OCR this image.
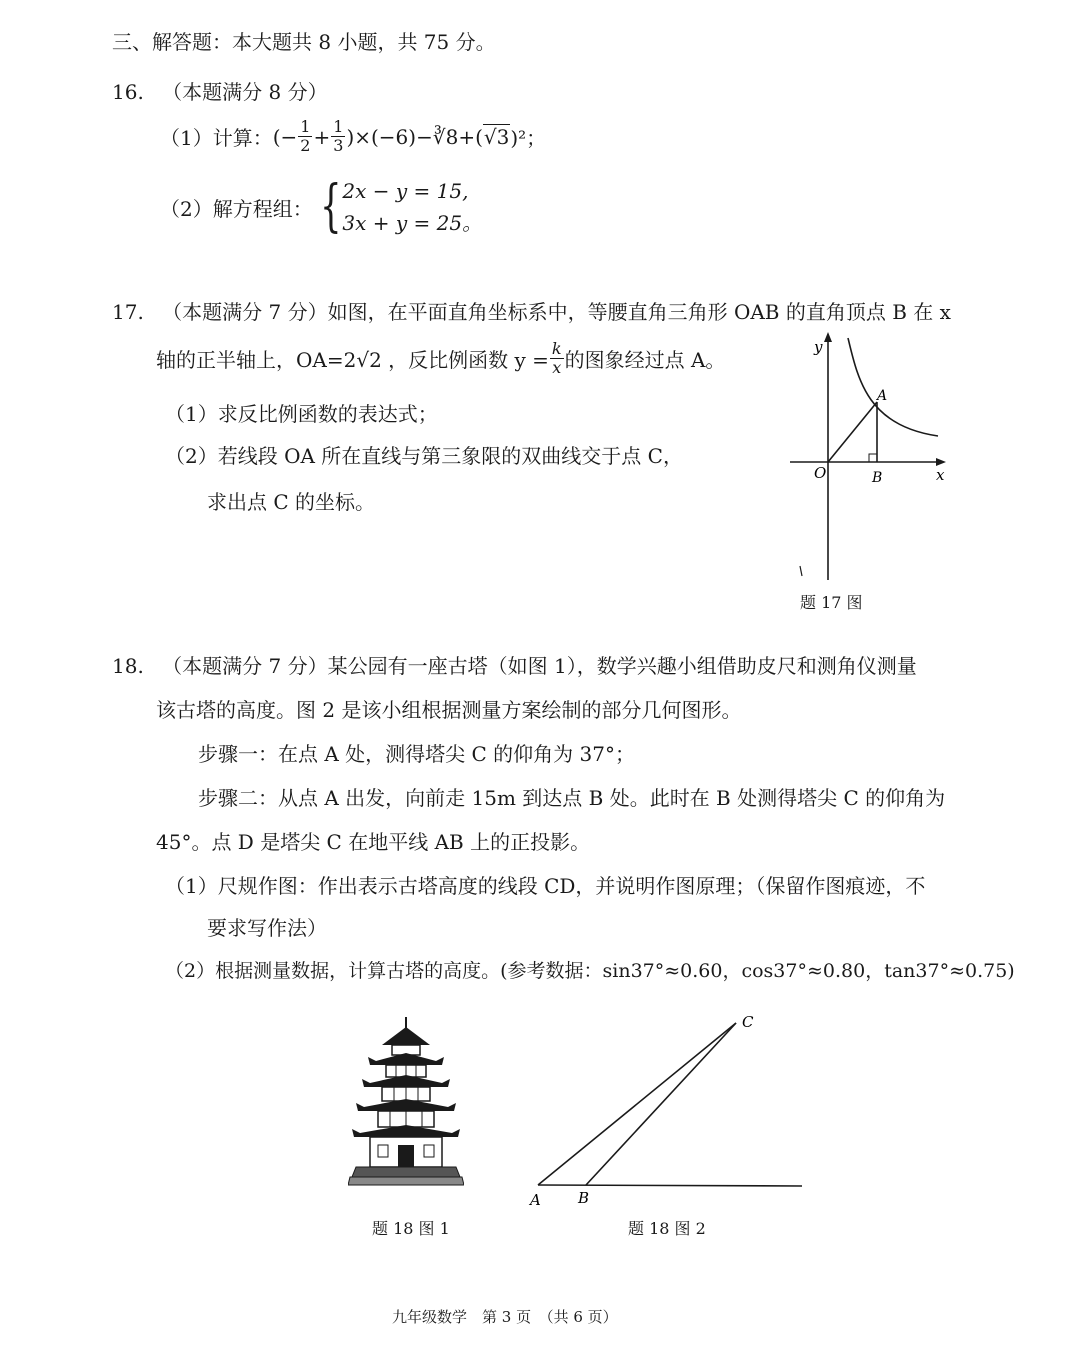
三、解答题：本大题共 8 小题，共 75 分。
16. （本题满分 8 分）
（1）计算： (− $\frac{1}{2} + \frac{1}{3}$ )×(−6)−∛8+( √3 )²；
（2）解方程组： { 2x − y = 15,
3x + y = 25。
17. （本题满分 7 分）如图，在平面直角坐标系中，等腰直角三角形 OAB 的直角顶点 B 在 x
轴的正半轴上，OA=2√2 ，反比例函数 $y = \frac{k}{x}$ 的图象经过点 A。
（1）求反比例函数的表达式；
（2）若线段 OA 所在直线与第三象限的双曲线交于点 C，
求出点 C 的坐标。
y
x
O
A
B
题 17 图
18. （本题满分 7 分）某公园有一座古塔（如图 1），数学兴趣小组借助皮尺和测角仪测量
该古塔的高度。图 2 是该小组根据测量方案绘制的部分几何图形。
步骤一：在点 A 处，测得塔尖 C 的仰角为 37°；
步骤二：从点 A 出发，向前走 15m 到达点 B 处。此时在 B 处测得塔尖 C 的仰角为
45°。点 D 是塔尖 C 在地平线 AB 上的正投影。
（1）尺规作图：作出表示古塔高度的线段 CD，并说明作图原理；（保留作图痕迹，不
要求写作法）
（2）根据测量数据，计算古塔的高度。(参考数据：sin37°≈0.60，cos37°≈0.80，tan37°≈0.75)
题 18 图 1
A B
C
题 18 图 2
九年级数学　第 3 页　（共 6 页）
